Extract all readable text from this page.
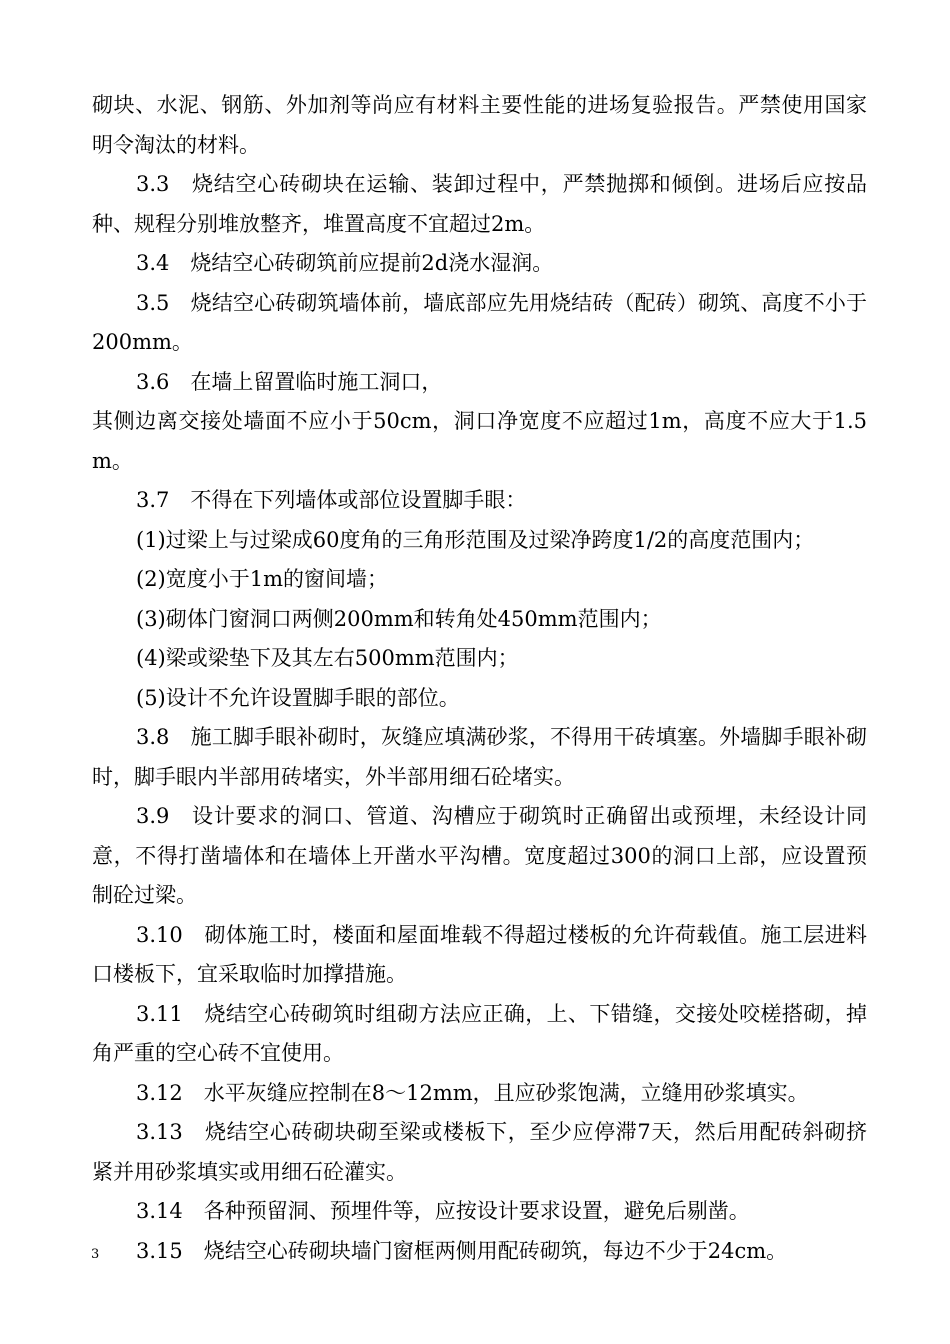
砌块、水泥、钢筋、外加剂等尚应有材料主要性能的进场复验报告。严禁使用国家明令淘汰的材料。

3.3　烧结空心砖砌块在运输、装卸过程中，严禁抛掷和倾倒。进场后应按品种、规程分别堆放整齐，堆置高度不宜超过2m。

3.4　烧结空心砖砌筑前应提前2d浇水湿润。

3.5　烧结空心砖砌筑墙体前，墙底部应先用烧结砖（配砖）砌筑、高度不小于200mm。

3.6　在墙上留置临时施工洞口，

其侧边离交接处墙面不应小于50cm，洞口净宽度不应超过1m，高度不应大于1.5 m。

3.7　不得在下列墙体或部位设置脚手眼：

(1)过梁上与过梁成60度角的三角形范围及过梁净跨度1/2的高度范围内；

(2)宽度小于1m的窗间墙；

(3)砌体门窗洞口两侧200mm和转角处450mm范围内；

(4)梁或梁垫下及其左右500mm范围内；

(5)设计不允许设置脚手眼的部位。

3.8　施工脚手眼补砌时，灰缝应填满砂浆，不得用干砖填塞。外墙脚手眼补砌时，脚手眼内半部用砖堵实，外半部用细石砼堵实。

3.9　设计要求的洞口、管道、沟槽应于砌筑时正确留出或预埋，未经设计同意，不得打凿墙体和在墙体上开凿水平沟槽。宽度超过300的洞口上部，应设置预制砼过梁。

3.10　砌体施工时，楼面和屋面堆载不得超过楼板的允许荷载值。施工层进料口楼板下，宜采取临时加撑措施。

3.11　烧结空心砖砌筑时组砌方法应正确，上、下错缝，交接处咬槎搭砌，掉角严重的空心砖不宜使用。

3.12　水平灰缝应控制在8～12mm，且应砂浆饱满，立缝用砂浆填实。

3.13　烧结空心砖砌块砌至梁或楼板下，至少应停滞7天，然后用配砖斜砌挤紧并用砂浆填实或用细石砼灌实。

3.14　各种预留洞、预埋件等，应按设计要求设置，避免后剔凿。

3.15　烧结空心砖砌块墙门窗框两侧用配砖砌筑，每边不少于24cm。

3
